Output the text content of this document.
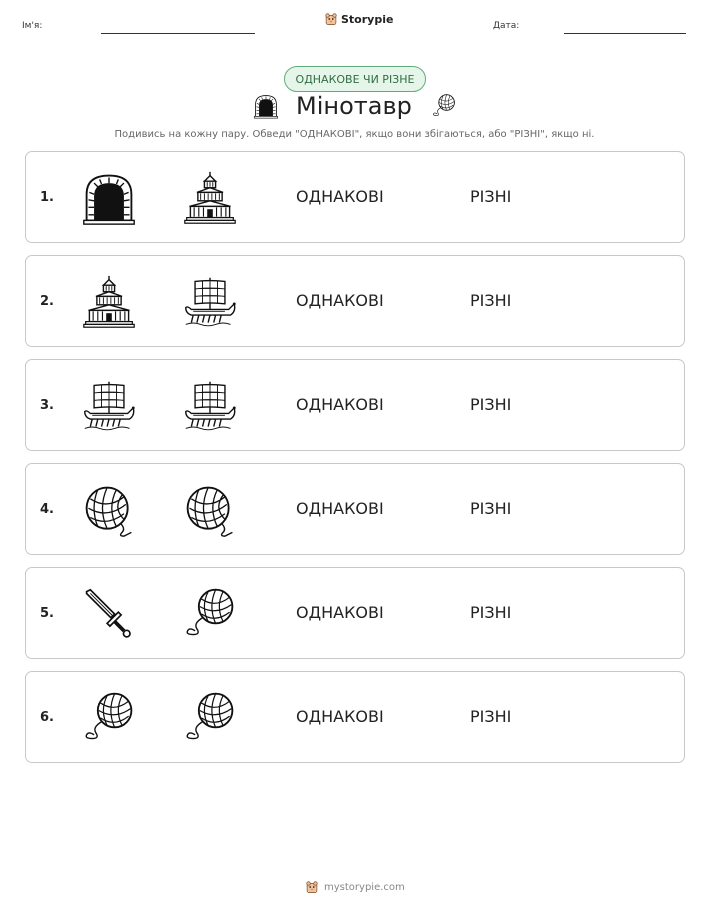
Ім'я:
Storypie
Дата:
ОДНАКОВЕ ЧИ РІЗНЕ
Мінотавр
Подивись на кожну пару. Обведи "ОДНАКОВІ", якщо вони збігаються, або "РІЗНІ", якщо ні.
1.	ОДНАКОВІ	РІЗНІ
2.	ОДНАКОВІ	РІЗНІ
3.	ОДНАКОВІ	РІЗНІ
4.	ОДНАКОВІ	РІЗНІ
5.	ОДНАКОВІ	РІЗНІ
6.	ОДНАКОВІ	РІЗНІ
mystorypie.com
